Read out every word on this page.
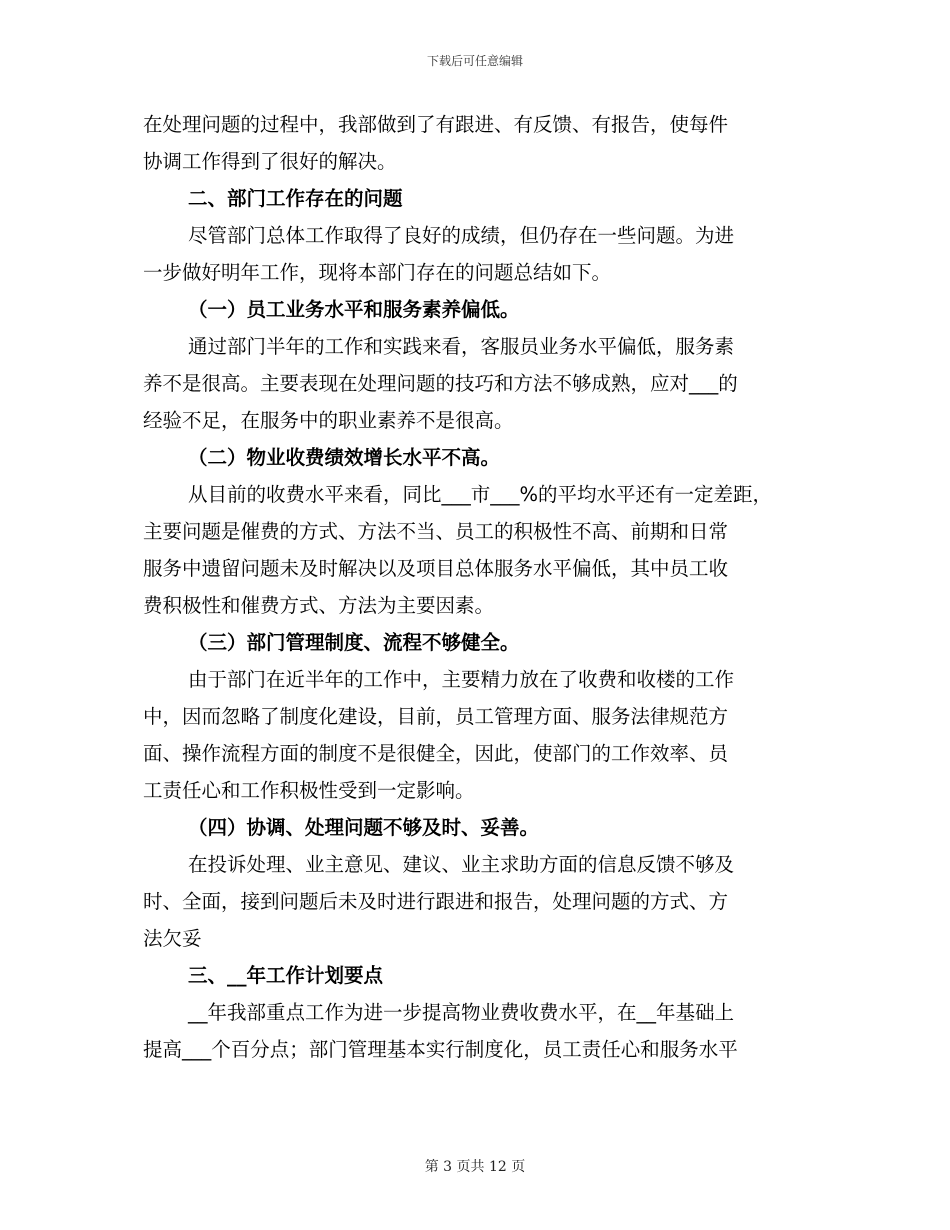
下载后可任意编辑
在处理问题的过程中，我部做到了有跟进、有反馈、有报告，使每件
协调工作得到了很好的解决。
二、部门工作存在的问题
尽管部门总体工作取得了良好的成绩，但仍存在一些问题。为进
一步做好明年工作，现将本部门存在的问题总结如下。
（一）员工业务水平和服务素养偏低。
通过部门半年的工作和实践来看，客服员业务水平偏低，服务素
养不是很高。主要表现在处理问题的技巧和方法不够成熟，应对___的
经验不足，在服务中的职业素养不是很高。
（二）物业收费绩效增长水平不高。
从目前的收费水平来看，同比___市___%的平均水平还有一定差距，
主要问题是催费的方式、方法不当、员工的积极性不高、前期和日常
服务中遗留问题未及时解决以及项目总体服务水平偏低，其中员工收
费积极性和催费方式、方法为主要因素。
（三）部门管理制度、流程不够健全。
由于部门在近半年的工作中，主要精力放在了收费和收楼的工作
中，因而忽略了制度化建设，目前，员工管理方面、服务法律规范方
面、操作流程方面的制度不是很健全，因此，使部门的工作效率、员
工责任心和工作积极性受到一定影响。
（四）协调、处理问题不够及时、妥善。
在投诉处理、业主意见、建议、业主求助方面的信息反馈不够及
时、全面，接到问题后未及时进行跟进和报告，处理问题的方式、方
法欠妥
三、__年工作计划要点
__年我部重点工作为进一步提高物业费收费水平，在__年基础上
提高___个百分点；部门管理基本实行制度化，员工责任心和服务水平
第 3 页共 12 页
